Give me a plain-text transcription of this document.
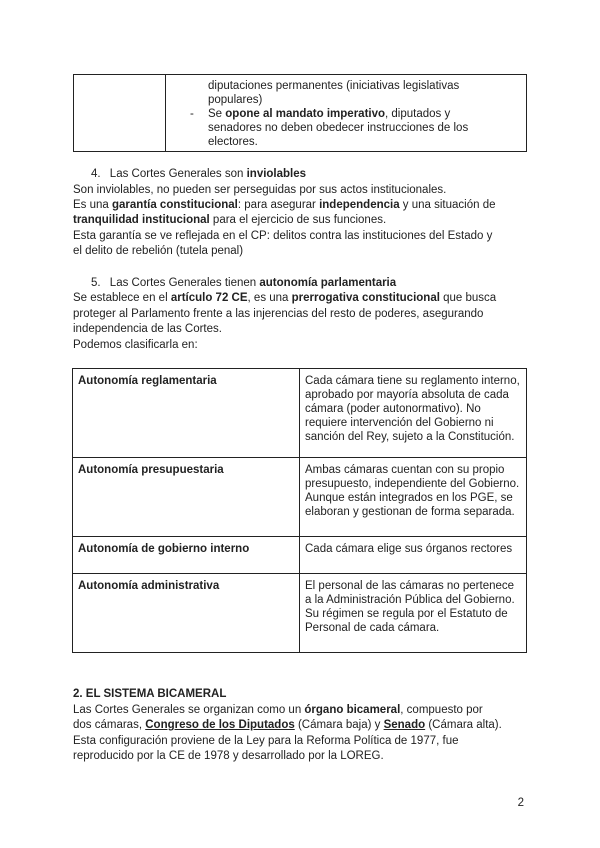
diputaciones permanentes (iniciativas legislativas
populares)
- Se opone al mandato imperativo, diputados y
senadores no deben obedecer instrucciones de los
electores.
4. Las Cortes Generales son inviolables
Son inviolables, no pueden ser perseguidas por sus actos institucionales.
Es una garantía constitucional: para asegurar independencia y una situación de
tranquilidad institucional para el ejercicio de sus funciones.
Esta garantía se ve reflejada en el CP: delitos contra las instituciones del Estado y
el delito de rebelión (tutela penal)
5. Las Cortes Generales tienen autonomía parlamentaria
Se establece en el artículo 72 CE, es una prerrogativa constitucional que busca
proteger al Parlamento frente a las injerencias del resto de poderes, asegurando
independencia de las Cortes.
Podemos clasificarla en:
Autonomía reglamentaria	Cada cámara tiene su reglamento interno, aprobado por mayoría absoluta de cada cámara (poder autonormativo). No requiere intervención del Gobierno ni sanción del Rey, sujeto a la Constitución.
Autonomía presupuestaria	Ambas cámaras cuentan con su propio presupuesto, independiente del Gobierno. Aunque están integrados en los PGE, se elaboran y gestionan de forma separada.
Autonomía de gobierno interno	Cada cámara elige sus órganos rectores
Autonomía administrativa	El personal de las cámaras no pertenece a la Administración Pública del Gobierno. Su régimen se regula por el Estatuto de Personal de cada cámara.
2. EL SISTEMA BICAMERAL
Las Cortes Generales se organizan como un órgano bicameral, compuesto por
dos cámaras, Congreso de los Diputados (Cámara baja) y Senado (Cámara alta).
Esta configuración proviene de la Ley para la Reforma Política de 1977, fue
reproducido por la CE de 1978 y desarrollado por la LOREG.
2
